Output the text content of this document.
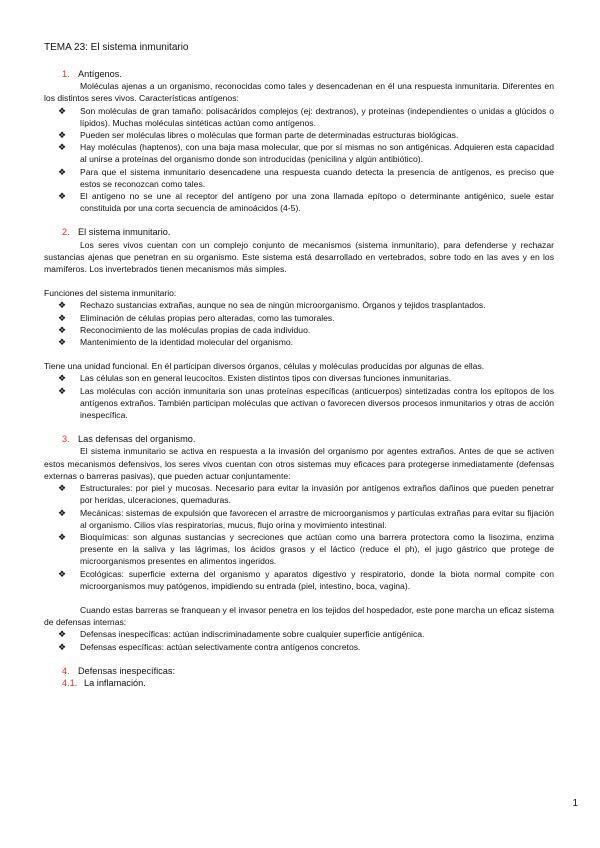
TEMA 23: El sistema inmunitario
1. Antígenos.

Moléculas ajenas a un organismo, reconocidas como tales y desencadenan en él una respuesta inmunitaria. Diferentes en los distintos seres vivos. Características antígenos:

❖ Son moléculas de gran tamaño: polisacáridos complejos (ej: dextranos), y proteínas (independientes o unidas a glúcidos o lípidos). Muchas moléculas sintéticas actúan como antígenos.
❖ Pueden ser moléculas libres o moléculas que forman parte de determinadas estructuras biológicas.
❖ Hay moléculas (haptenos), con una baja masa molecular, que por sí mismas no son antigénicas. Adquieren esta capacidad al unirse a proteínas del organismo donde son introducidas (penicilina y algún antibiótico).
❖ Para que el sistema inmunitario desencadene una respuesta cuando detecta la presencia de antígenos, es preciso que estos se reconozcan como tales.
❖ El antígeno no se une al receptor del antígeno por una zona llamada epítopo o determinante antigénico, suele estar constituida por una corta secuencia de aminoácidos (4-5).
2. El sistema inmunitario.

Los seres vivos cuentan con un complejo conjunto de mecanismos (sistema inmunitario), para defenderse y rechazar sustancias ajenas que penetran en su organismo. Este sistema está desarrollado en vertebrados, sobre todo en las aves y en los mamíferos. Los invertebrados tienen mecanismos más simples.

Funciones del sistema inmunitario:

❖ Rechazo sustancias extrañas, aunque no sea de ningún microorganismo. Órganos y tejidos trasplantados.
❖ Eliminación de células propias pero alteradas, como las tumorales.
❖ Reconocimiento de las moléculas propias de cada individuo.
❖ Mantenimiento de la identidad molecular del organismo.

Tiene una unidad funcional. En él participan diversos órganos, células y moléculas producidas por algunas de ellas.

❖ Las células son en general leucocitos. Existen distintos tipos con diversas funciones inmunitarias.
❖ Las moléculas con acción inmunitaria son unas proteínas específicas (anticuerpos) sintetizadas contra los epítopos de los antígenos extraños. También participan moléculas que activan o favorecen diversos procesos inmunitarios y otras de acción inespecífica.
3. Las defensas del organismo.

El sistema inmunitario se activa en respuesta a la invasión del organismo por agentes extraños. Antes de que se activen estos mecanismos defensivos, los seres vivos cuentan con otros sistemas muy eficaces para protegerse inmediatamente (defensas externas o barreras pasivas), que pueden actuar conjuntamente:

❖ Estructurales: por piel y mucosas. Necesario para evitar la invasión por antígenos extraños dañinos que pueden penetrar por heridas, ulceraciones, quemaduras.
❖ Mecánicas: sistemas de expulsión que favorecen el arrastre de microorganismos y partículas extrañas para evitar su fijación al organismo. Cilios vías respiratorias, mucus, flujo orina y movimiento intestinal.
❖ Bioquímicas: son algunas sustancias y secreciones que actúan como una barrera protectora como la lisozima, enzima presente en la saliva y las lágrimas, los ácidos grasos y el láctico (reduce el ph), el jugo gástrico que protege de microorganismos presentes en alimentos ingeridos.
❖ Ecológicas: superficie externa del organismo y aparatos digestivo y respiratorio, donde la biota normal compite con microorganismos muy patógenos, impidiendo su entrada (piel, intestino, boca, vagina).

Cuando estas barreras se franquean y el invasor penetra en los tejidos del hospedador, este pone marcha un eficaz sistema de defensas internas:

❖ Defensas inespecíficas: actúan indiscriminadamente sobre cualquier superficie antigénica.
❖ Defensas específicas: actúan selectivamente contra antígenos concretos.
4. Defensas inespecíficas:
4.1. La inflamación.
1
